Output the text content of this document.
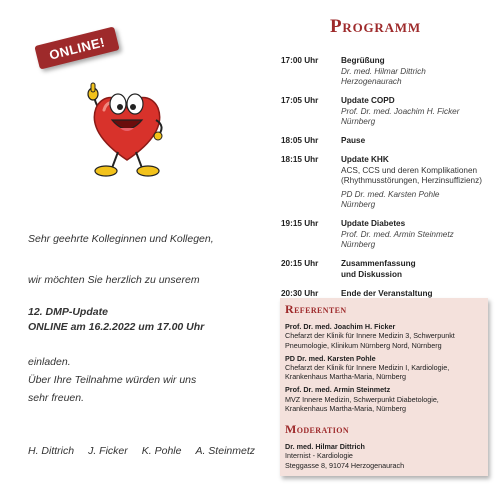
ONLINE!
Sehr geehrte Kolleginnen und Kollegen,
wir möchten Sie herzlich zu unserem
12. DMP-Update
ONLINE am 16.2.2022 um 17.00 Uhr
einladen.
Über Ihre Teilnahme würden wir uns
sehr freuen.
H. Dittrich J. Ficker K. Pohle A. Steinmetz
Programm
17:00 Uhr	Begrüßung
Dr. med. Hilmar Dittrich
Herzogenaurach
17:05 Uhr	Update COPD
Prof. Dr. med. Joachim H. Ficker
Nürnberg
18:05 Uhr	Pause
18:15 Uhr	Update KHK
ACS, CCS und deren Komplikationen
(Rhythmusstörungen, Herzinsuffizienz)
PD Dr. med. Karsten Pohle
Nürnberg
19:15 Uhr	Update Diabetes
Prof. Dr. med. Armin Steinmetz
Nürnberg
20:15 Uhr	Zusammenfassung
und Diskussion
20:30 Uhr	Ende der Veranstaltung
Referenten
Prof. Dr. med. Joachim H. Ficker
Chefarzt der Klinik für Innere Medizin 3, Schwerpunkt
Pneumologie, Klinikum Nürnberg Nord, Nürnberg
PD Dr. med. Karsten Pohle
Chefarzt der Klinik für Innere Medizin I, Kardiologie,
Krankenhaus Martha-Maria, Nürnberg
Prof. Dr. med. Armin Steinmetz
MVZ Innere Medizin, Schwerpunkt Diabetologie,
Krankenhaus Martha-Maria, Nürnberg
Moderation
Dr. med. Hilmar Dittrich
Internist - Kardiologie
Steggasse 8, 91074 Herzogenaurach
